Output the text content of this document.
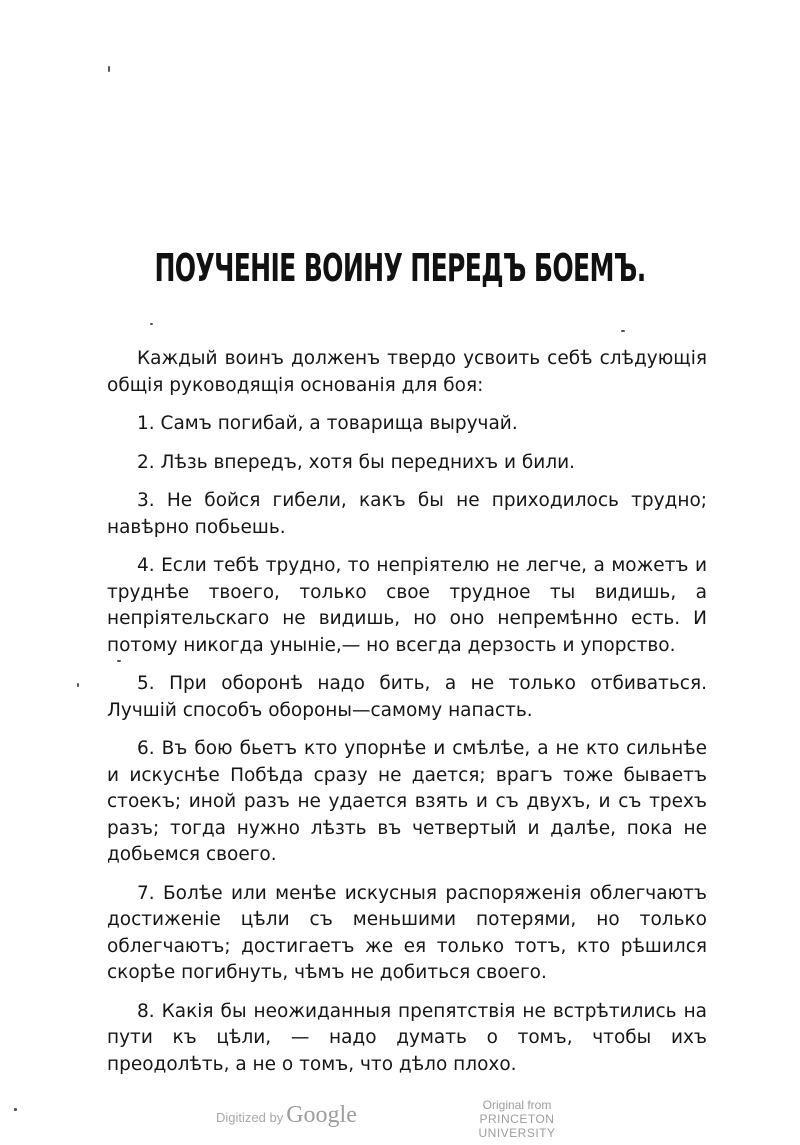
ПОУЧЕНІЕ ВОИНУ ПЕРЕДЪ БОЕМЪ.

Каждый воинъ долженъ твердо усвоить себѣ слѣдующія общія руководящія основанія для боя:

1. Самъ погибай, а товарища выручай.

2. Лѣзь впередъ, хотя бы переднихъ и били.

3. Не бойся гибели, какъ бы не приходилось трудно; навѣрно побьешь.

4. Если тебѣ трудно, то непріятелю не легче, а можетъ и труднѣе твоего, только свое трудное ты видишь, а непріятельскаго не видишь, но оно непремѣнно есть. И потому никогда уныніе,— но всегда дерзость и упорство.

5. При оборонѣ надо бить, а не только отбиваться. Лучшій способъ обороны—самому напасть.

6. Въ бою бьетъ кто упорнѣе и смѣлѣе, а не кто сильнѣе и искуснѣе Побѣда сразу не дается; врагъ тоже бываетъ стоекъ; иной разъ не удается взять и съ двухъ, и съ трехъ разъ; тогда нужно лѣзть въ четвертый и далѣе, пока не добьемся своего.

7. Болѣе или менѣе искусныя распоряженія облегчаютъ достиженіе цѣли съ меньшими потерями, но только облегчаютъ; достигаетъ же ея только тотъ, кто рѣшился скорѣе погибнуть, чѣмъ не добиться своего.

8. Какія бы неожиданныя препятствія не встрѣтились на пути къ цѣли, — надо думать о томъ, чтобы ихъ преодолѣть, а не о томъ, что дѣло плохо.

Digitized by Google	Original from
PRINCETON UNIVERSITY
